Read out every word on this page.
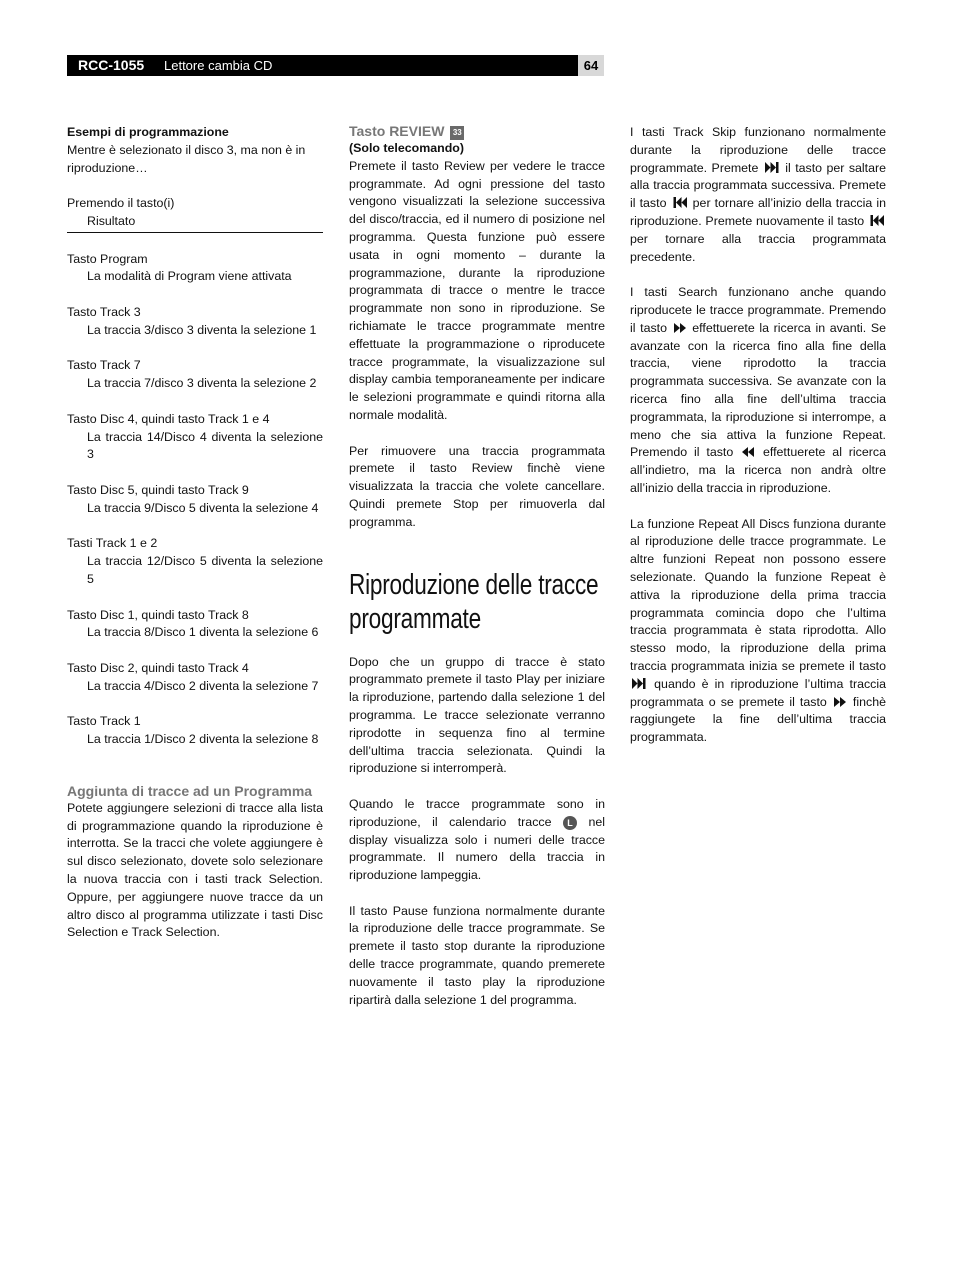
RCC-1055 Lettore cambia CD	64

Esempi di programmazione

Mentre è selezionato il disco 3, ma non è in riproduzione…

Premendo il tasto(i)

Risultato

Tasto Program

La modalità di Program viene attivata

Tasto Track 3

La traccia 3/disco 3 diventa la selezione 1

Tasto Track 7

La traccia 7/disco 3 diventa la selezione 2

Tasto Disc 4, quindi tasto Track 1 e 4

La traccia 14/Disco 4 diventa la selezione 3

Tasto Disc 5, quindi tasto Track 9

La traccia 9/Disco 5 diventa la selezione 4

Tasti Track 1 e 2

La traccia 12/Disco 5 diventa la selezione 5

Tasto Disc 1, quindi tasto Track 8

La traccia 8/Disco 1 diventa la selezione 6

Tasto Disc 2, quindi tasto Track 4

La traccia 4/Disco 2 diventa la selezione 7

Tasto Track 1

La traccia 1/Disco 2 diventa la selezione 8

Aggiunta di tracce ad un Programma

Potete aggiungere selezioni di tracce alla lista di programmazione quando la riproduzione è interrotta. Se la tracci che volete aggiungere è sul disco selezionato, dovete solo selezionare la nuova traccia con i tasti track Selection. Oppure, per aggiungere nuove tracce da un altro disco al programma utilizzate i tasti Disc Selection e Track Selection.

Tasto REVIEW 33

(Solo telecomando)

Premete il tasto Review per vedere le tracce programmate. Ad ogni pressione del tasto vengono visualizzati la selezione successiva del disco/traccia, ed il numero di posizione nel programma. Questa funzione può essere usata in ogni momento – durante la programmazione, durante la riproduzione programmata di tracce o mentre le tracce programmate non sono in riproduzione. Se richiamate le tracce programmate mentre effettuate la programmazione o riproducete tracce programmate, la visualizzazione sul display cambia temporaneamente per indicare le selezioni programmate e quindi ritorna alla normale modalità.

Per rimuovere una traccia programmata premete il tasto Review finchè viene visualizzata la traccia che volete cancellare. Quindi premete Stop per rimuoverla dal programma.

Riproduzione delle tracce
programmate

Dopo che un gruppo di tracce è stato programmato premete il tasto Play per iniziare la riproduzione, partendo dalla selezione 1 del programma. Le tracce selezionate verranno riprodotte in sequenza fino al termine dell’ultima traccia selezionata. Quindi la riproduzione si interromperà.

Quando le tracce programmate sono in riproduzione, il calendario tracce L nel display visualizza solo i numeri delle tracce programmate. Il numero della traccia in riproduzione lampeggia.

Il tasto Pause funziona normalmente durante la riproduzione delle tracce programmate. Se premete il tasto stop durante la riproduzione delle tracce programmate, quando premerete nuovamente il tasto play la riproduzione ripartirà dalla selezione 1 del programma.

I tasti Track Skip funzionano normalmente durante la riproduzione delle tracce programmate. Premete il tasto per saltare alla traccia programmata successiva. Premete il tasto per tornare all’inizio della traccia in riproduzione. Premete nuovamente il tasto  per tornare alla traccia programmata precedente.

I tasti Search funzionano anche quando riproducete le tracce programmate. Premendo il tasto effettuerete la ricerca in avanti. Se avanzate con la ricerca fino alla fine della traccia, viene riprodotto la traccia programmata successiva. Se avanzate con la ricerca fino alla fine dell’ultima traccia programmata, la riproduzione si interrompe, a meno che sia attiva la funzione Repeat. Premendo il tasto effettuerete al ricerca all’indietro, ma la ricerca non andrà oltre all’inizio della traccia in riproduzione.

La funzione Repeat All Discs funziona durante al riproduzione delle tracce programmate. Le altre funzioni Repeat non possono essere selezionate. Quando la funzione Repeat è attiva la riproduzione della prima traccia programmata comincia dopo che l’ultima traccia programmata è stata riprodotta. Allo stesso modo, la riproduzione della prima traccia programmata inizia se premete il tasto  quando è in riproduzione l’ultima traccia programmata o se premete il tasto finchè raggiungete la fine dell’ultima traccia programmata.
